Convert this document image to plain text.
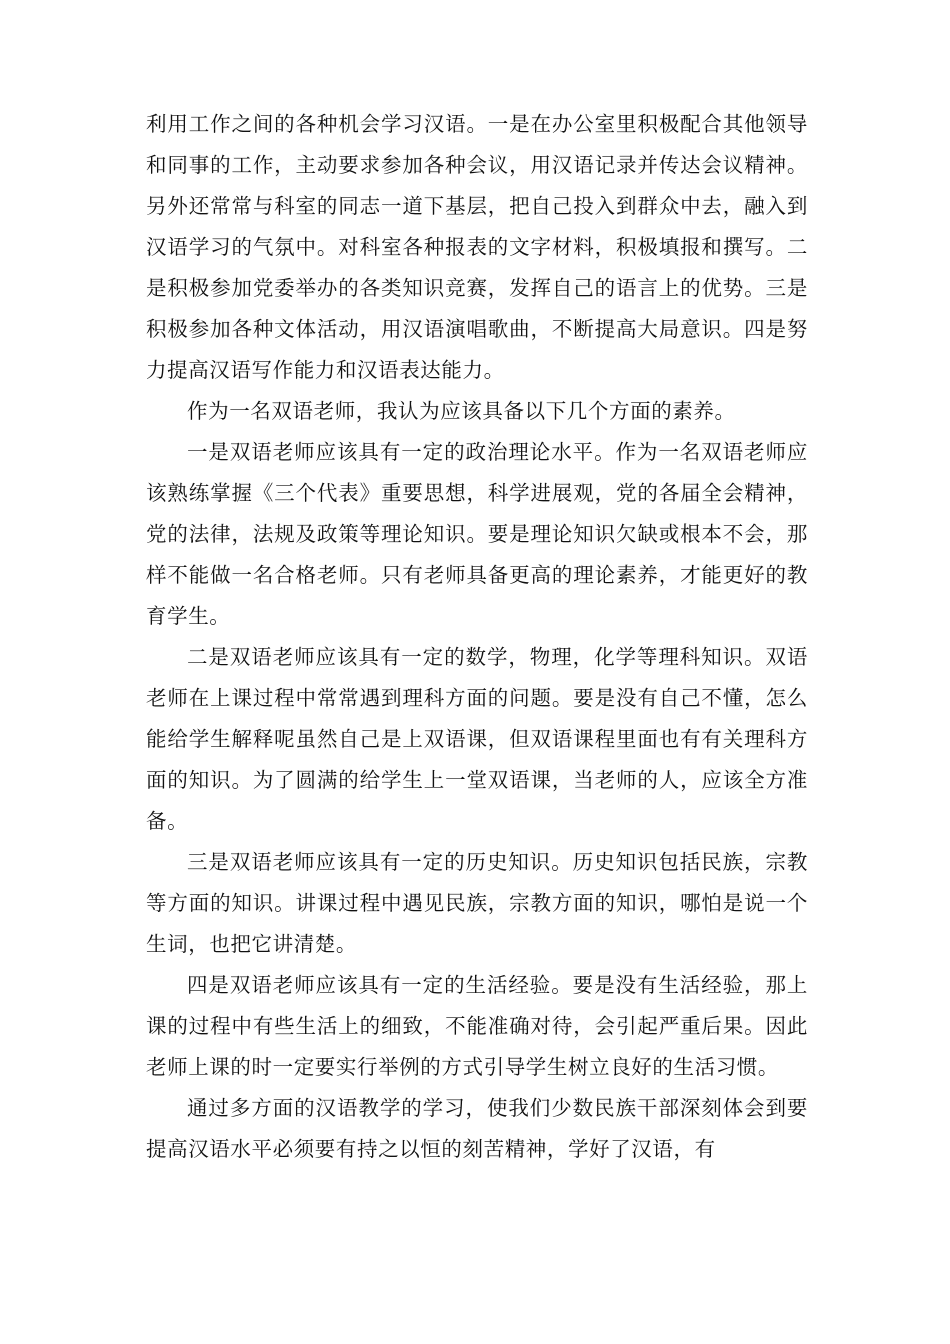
利用工作之间的各种机会学习汉语。一是在办公室里积极配合其他领导和同事的工作，主动要求参加各种会议，用汉语记录并传达会议精神。另外还常常与科室的同志一道下基层，把自己投入到群众中去，融入到汉语学习的气氛中。对科室各种报表的文字材料，积极填报和撰写。二是积极参加党委举办的各类知识竞赛，发挥自己的语言上的优势。三是积极参加各种文体活动，用汉语演唱歌曲，不断提高大局意识。四是努力提高汉语写作能力和汉语表达能力。

作为一名双语老师，我认为应该具备以下几个方面的素养。

一是双语老师应该具有一定的政治理论水平。作为一名双语老师应该熟练掌握《三个代表》重要思想，科学进展观，党的各届全会精神，党的法律，法规及政策等理论知识。要是理论知识欠缺或根本不会，那样不能做一名合格老师。只有老师具备更高的理论素养，才能更好的教育学生。

二是双语老师应该具有一定的数学，物理，化学等理科知识。双语老师在上课过程中常常遇到理科方面的问题。要是没有自己不懂，怎么能给学生解释呢虽然自己是上双语课，但双语课程里面也有有关理科方面的知识。为了圆满的给学生上一堂双语课，当老师的人，应该全方准备。

三是双语老师应该具有一定的历史知识。历史知识包括民族，宗教等方面的知识。讲课过程中遇见民族，宗教方面的知识，哪怕是说一个生词，也把它讲清楚。

四是双语老师应该具有一定的生活经验。要是没有生活经验，那上课的过程中有些生活上的细致，不能准确对待，会引起严重后果。因此老师上课的时一定要实行举例的方式引导学生树立良好的生活习惯。

通过多方面的汉语教学的学习，使我们少数民族干部深刻体会到要提高汉语水平必须要有持之以恒的刻苦精神，学好了汉语，有
